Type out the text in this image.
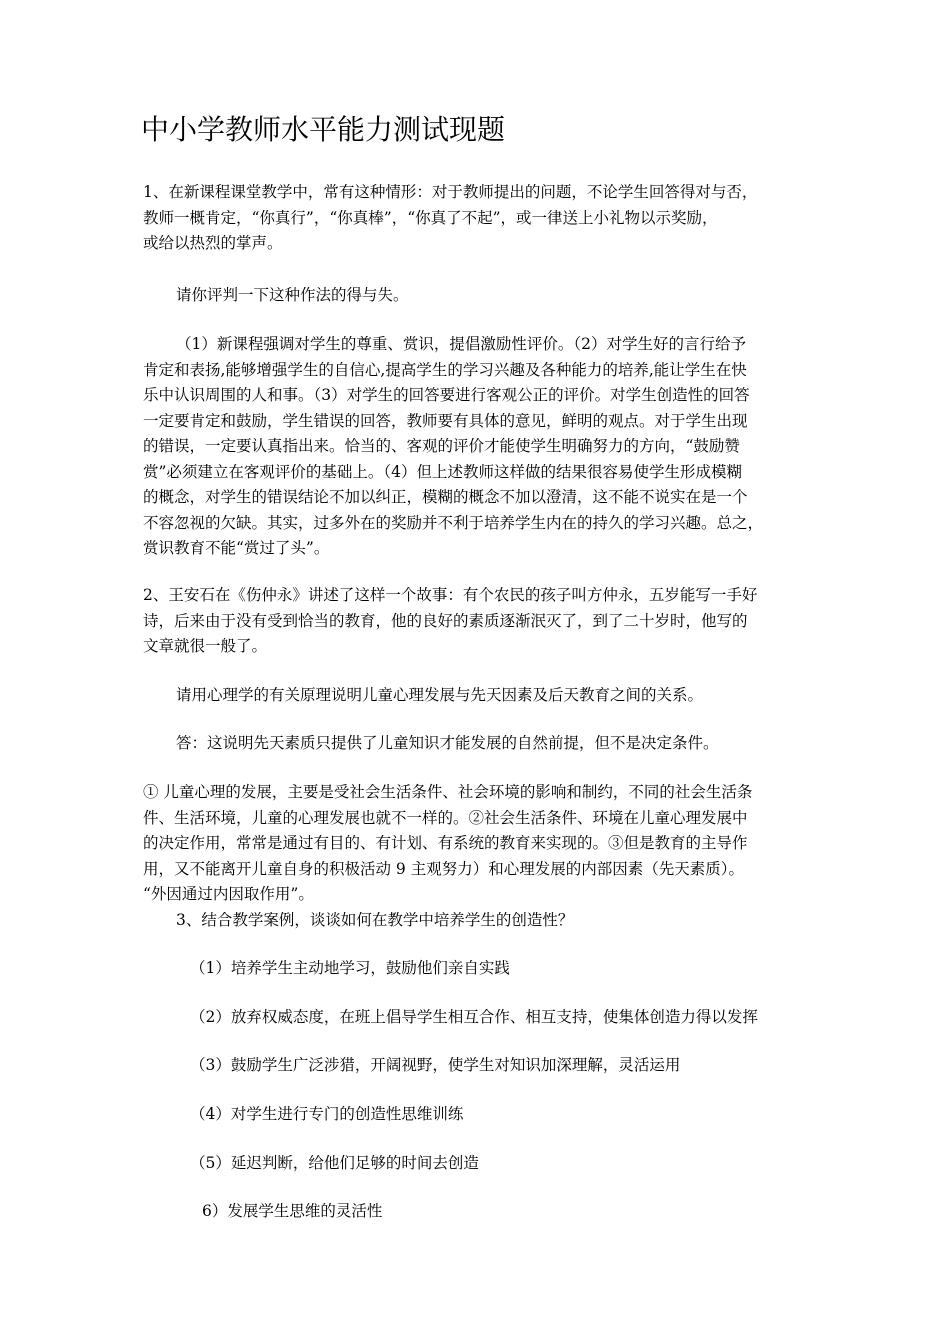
中小学教师水平能力测试现题
1、在新课程课堂教学中，常有这种情形：对于教师提出的问题，不论学生回答得对与否，
教师一概肯定，“你真行”，“你真棒”，“你真了不起”，或一律送上小礼物以示奖励，
或给以热烈的掌声。
请你评判一下这种作法的得与失。
（1）新课程强调对学生的尊重、赏识，提倡激励性评价。（2）对学生好的言行给予
肯定和表扬,能够增强学生的自信心,提高学生的学习兴趣及各种能力的培养,能让学生在快
乐中认识周围的人和事。（3）对学生的回答要进行客观公正的评价。对学生创造性的回答
一定要肯定和鼓励，学生错误的回答，教师要有具体的意见，鲜明的观点。对于学生出现
的错误，一定要认真指出来。恰当的、客观的评价才能使学生明确努力的方向，“鼓励赞
赏”必须建立在客观评价的基础上。（4）但上述教师这样做的结果很容易使学生形成模糊
的概念，对学生的错误结论不加以纠正，模糊的概念不加以澄清，这不能不说实在是一个
不容忽视的欠缺。其实，过多外在的奖励并不利于培养学生内在的持久的学习兴趣。总之，
赏识教育不能“赏过了头”。
2、王安石在《伤仲永》讲述了这样一个故事：有个农民的孩子叫方仲永，五岁能写一手好
诗，后来由于没有受到恰当的教育，他的良好的素质逐渐泯灭了，到了二十岁时，他写的
文章就很一般了。
请用心理学的有关原理说明儿童心理发展与先天因素及后天教育之间的关系。
答：这说明先天素质只提供了儿童知识才能发展的自然前提，但不是决定条件。
① 儿童心理的发展，主要是受社会生活条件、社会环境的影响和制约，不同的社会生活条
件、生活环境，儿童的心理发展也就不一样的。②社会生活条件、环境在儿童心理发展中
的决定作用，常常是通过有目的、有计划、有系统的教育来实现的。③但是教育的主导作
用，又不能离开儿童自身的积极活动 9 主观努力）和心理发展的内部因素（先天素质）。
“外因通过内因取作用”。
3、结合教学案例，谈谈如何在教学中培养学生的创造性？
（1）培养学生主动地学习，鼓励他们亲自实践
（2）放弃权威态度，在班上倡导学生相互合作、相互支持，使集体创造力得以发挥
（3）鼓励学生广泛涉猎，开阔视野，使学生对知识加深理解，灵活运用
（4）对学生进行专门的创造性思维训练
（5）延迟判断，给他们足够的时间去创造
6）发展学生思维的灵活性
